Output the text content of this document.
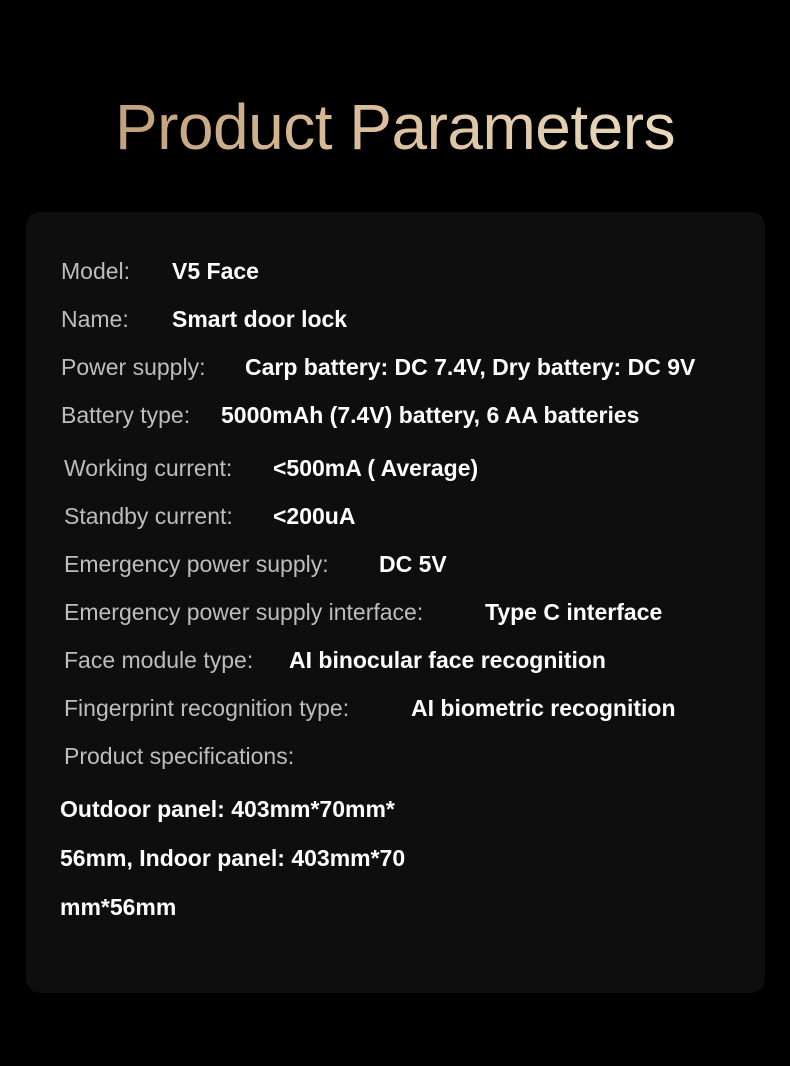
Product Parameters
Model: V5 Face
Name: Smart door lock
Power supply: Carp battery: DC 7.4V, Dry battery: DC 9V
Battery type: 5000mAh (7.4V) battery, 6 AA batteries
Working current: <500mA ( Average)
Standby current: <200uA
Emergency power supply: DC 5V
Emergency power supply interface:	Type C interface
Face module type: AI binocular face recognition
Fingerprint recognition type:	AI biometric recognition
Product specifications:
Outdoor panel: 403mm*70mm*
56mm, Indoor panel: 403mm*70
mm*56mm
